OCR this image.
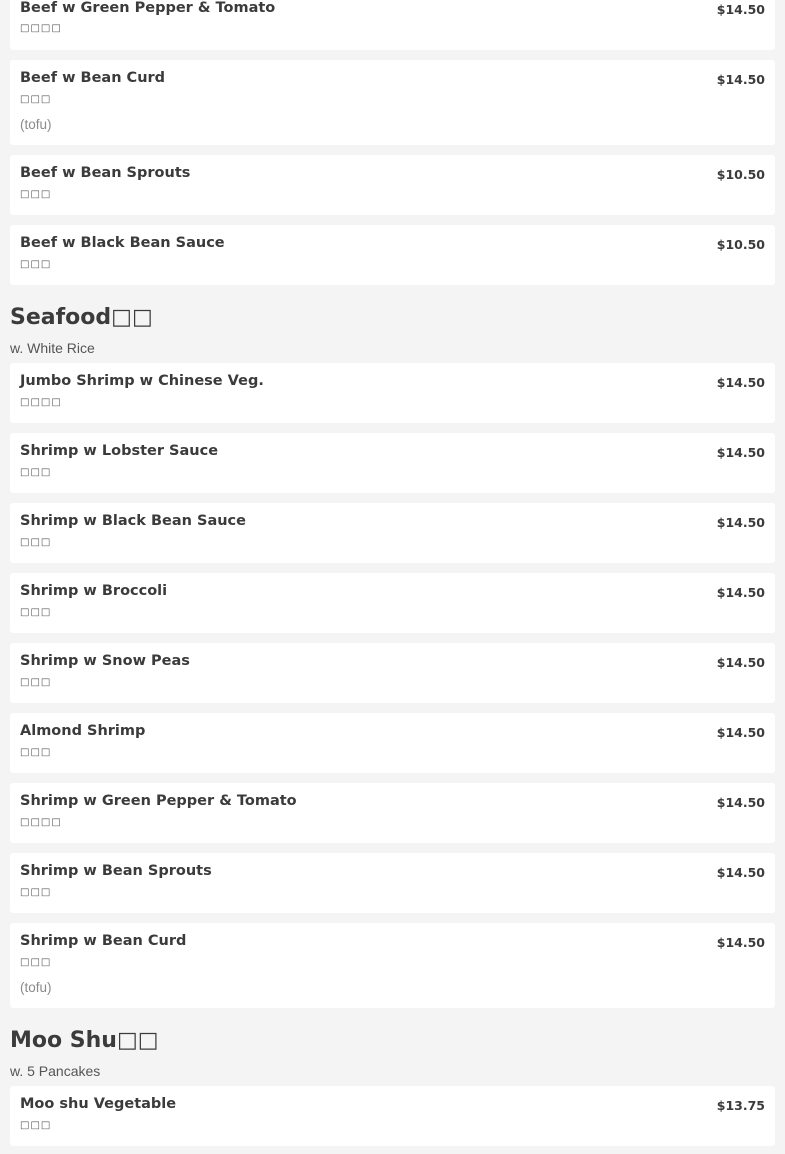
Beef w Green Pepper & Tomato
□□□□
$14.50
Beef w Bean Curd
□□□
(tofu)
$14.50
Beef w Bean Sprouts
□□□
$10.50
Beef w Black Bean Sauce
□□□
$10.50
Seafood□□
w. White Rice
Jumbo Shrimp w Chinese Veg.
□□□□
$14.50
Shrimp w Lobster Sauce
□□□
$14.50
Shrimp w Black Bean Sauce
□□□
$14.50
Shrimp w Broccoli
□□□
$14.50
Shrimp w Snow Peas
□□□
$14.50
Almond Shrimp
□□□
$14.50
Shrimp w Green Pepper & Tomato
□□□□
$14.50
Shrimp w Bean Sprouts
□□□
$14.50
Shrimp w Bean Curd
□□□
(tofu)
$14.50
Moo Shu□□
w. 5 Pancakes
Moo shu Vegetable
□□□
$13.75
